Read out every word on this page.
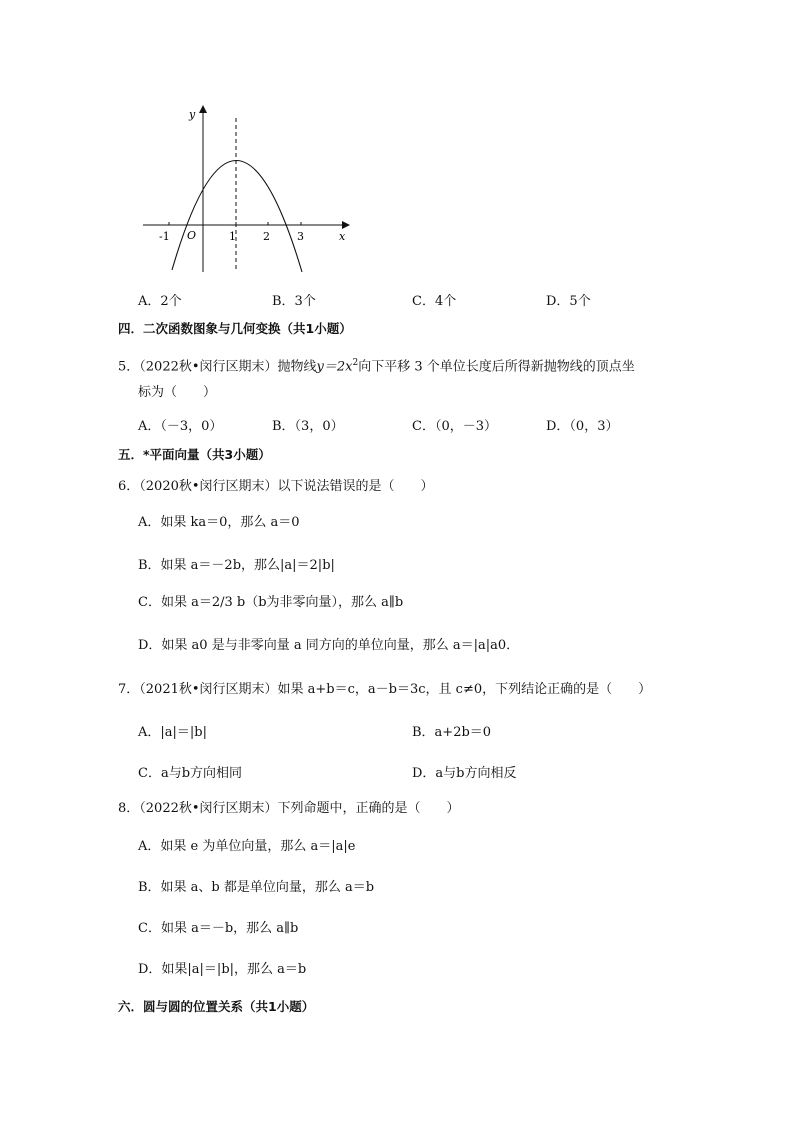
y
x
O
-1	1 2 3
A．2个	B．3个	C．4个	D．5个
四．二次函数图象与几何变换（共1小题）
5．（2022秋•闵行区期末）抛物线$y=2x^2$向下平移 3 个单位长度后所得新抛物线的顶点坐
标为（　　）
A．（－3，0）	B．（3，0）	C．（0，－3）	D．（0，3）
五．*平面向量（共3小题）
6．（2020秋•闵行区期末）以下说法错误的是（　　）
A．如果 ka＝0，那么 a＝0
B．如果 a＝－2b，那么|a|＝2|b|
C．如果 a＝2/3 b（b为非零向量），那么 a∥b
D．如果 a0 是与非零向量 a 同方向的单位向量，那么 a＝|a|a0．
7．（2021秋•闵行区期末）如果 a+b＝c，a－b＝3c，且 c≠0，下列结论正确的是（　　）
A．|a|＝|b|	B．a+2b＝0
C．a与b方向相同	D．a与b方向相反
8．（2022秋•闵行区期末）下列命题中，正确的是（　　）
A．如果 e 为单位向量，那么 a＝|a|e
B．如果 a、b 都是单位向量，那么 a＝b
C．如果 a＝－b，那么 a∥b
D．如果|a|＝|b|，那么 a＝b
六．圆与圆的位置关系（共1小题）
